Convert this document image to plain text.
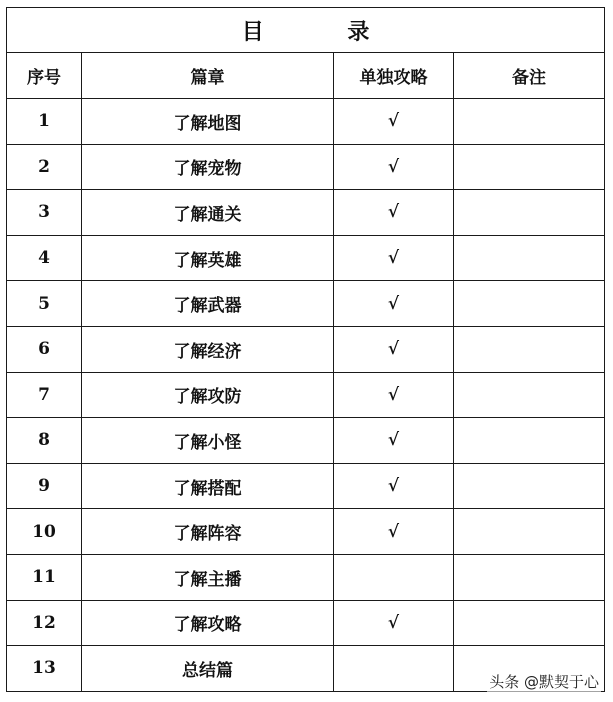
目 录			
序号	篇章	单独攻略	备注
1	了解地图	√	
2	了解宠物	√	
3	了解通关	√	
4	了解英雄	√	
5	了解武器	√	
6	了解经济	√	
7	了解攻防	√	
8	了解小怪	√	
9	了解搭配	√	
10	了解阵容	√	
11	了解主播		
12	了解攻略	√	
13	总结篇		
头条 @默契于心
